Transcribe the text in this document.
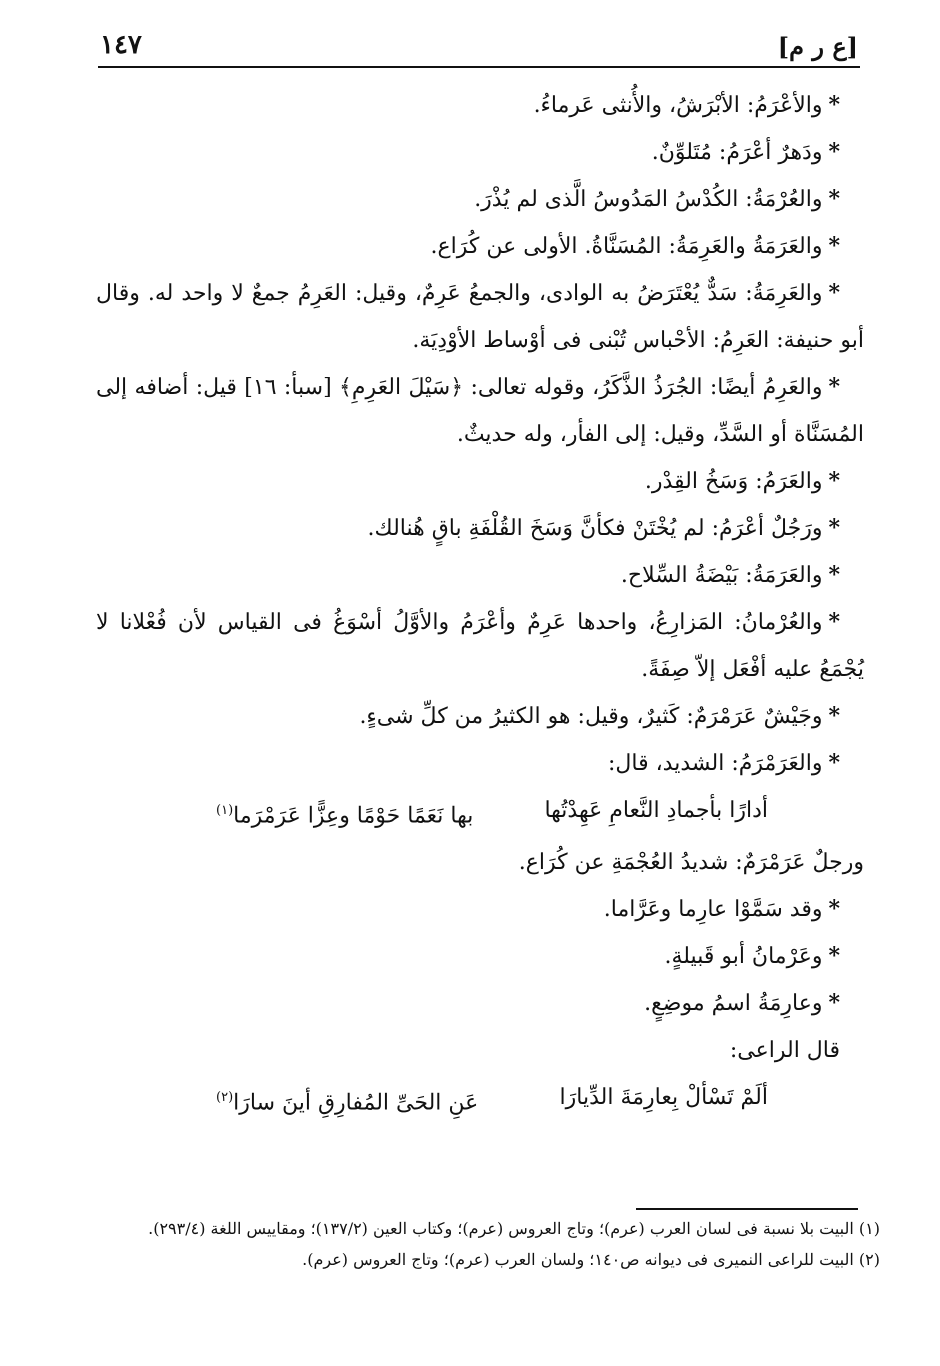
١٤٧	[ع ر م]

*والأعْرَمُ: الأبْرَشُ، والأُنثى عَرماءُ.

*ودَهرٌ أعْرَمُ: مُتَلوِّنٌ.

*والعُرْمَةُ: الكُدْسُ المَدُوسُ الَّذى لم يُذْرَ.

*والعَرَمَةُ والعَرِمَةُ: المُسَنَّاةُ. الأولى عن كُرَاع.

*والعَرِمَةُ: سَدٌّ يُعْتَرَضُ به الوادى، والجمعُ عَرِمٌ، وقيل: العَرِمُ جمعٌ لا واحد له. وقال أبو حنيفة: العَرِمُ: الأحْباس تُبْنى فى أوْساط الأوْدِيَة.

*والعَرِمُ أيضًا: الجُرَذُ الذَّكَرُ، وقوله تعالى: ﴿سَيْلَ العَرِمِ﴾ [سبأ: ١٦] قيل: أضافه إلى المُسَنَّاة أو السَّدِّ، وقيل: إلى الفأر، وله حديثٌ.

*والعَرَمُ: وَسَخُ القِدْر.

*ورَجُلٌ أعْرَمُ: لم يُخْتَنْ فكأنَّ وَسَخَ القُلْفَةِ باقٍ هُنالك.

*والعَرَمَةُ: بَيْضَةُ السِّلاح.

*والعُرْمانُ: المَزارِعُ، واحدها عَرِمٌ وأعْرَمُ والأوَّلُ أسْوَغُ فى القياس لأن فُعْلانا لا يُجْمَعُ عليه أفْعَل إلاّ صِفَةً.

*وجَيْشٌ عَرَمْرَمٌ: كَثيرٌ، وقيل: هو الكثيرُ من كلِّ شىءٍ.

*والعَرَمْرَمُ: الشديد، قال:

أدارًا بأجمادِ النَّعامِ عَهِدْتُها
بها نَعَمًا حَوْمًا وعِزًّا عَرَمْرَما$^{(١)}$

ورجلٌ عَرَمْرَمٌ: شديدُ العُجْمَةِ عن كُرَاع.

*وقد سَمَّوْا عارِما وعَرَّاما.

*وعَرْمانُ أبو قَبيلةٍ.

*وعارِمَةُ اسمُ موضِعٍ.

قال الراعى:

ألَمْ تَسْألْ بِعارِمَةَ الدِّيارَا
عَنِ الحَىِّ المُفارِقِ أينَ سارَا$^{(٢)}$

(١) البيت بلا نسبة فى لسان العرب (عرم)؛ وتاج العروس (عرم)؛ وكتاب العين (١٣٧/٢)؛ ومقاييس اللغة (٢٩٣/٤).

(٢) البيت للراعى النميرى فى ديوانه ص١٤٠؛ ولسان العرب (عرم)؛ وتاج العروس (عرم).
